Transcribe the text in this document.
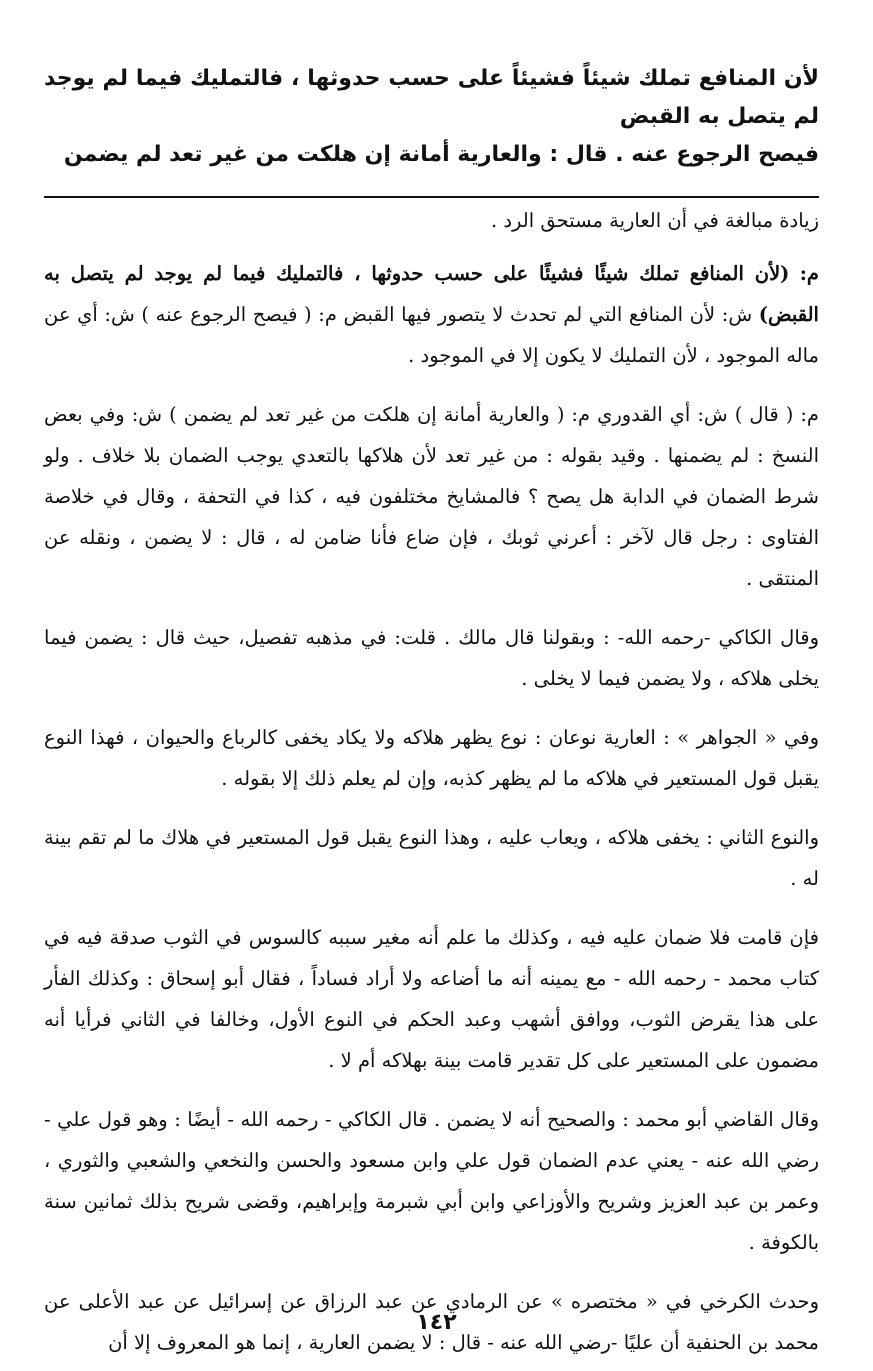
لأن المنافع تملك شيئاً فشيئاً على حسب حدوثها ، فالتمليك فيما لم يوجد لم يتصل به القبض
فيصح الرجوع عنه . قال : والعارية أمانة إن هلكت من غير تعد لم يضمن

زيادة مبالغة في أن العارية مستحق الرد .

م: (لأن المنافع تملك شيئًا فشيئًا على حسب حدوثها ، فالتمليك فيما لم يوجد لم يتصل به القبض) ش: لأن المنافع التي لم تحدث لا يتصور فيها القبض م: ( فيصح الرجوع عنه ) ش: أي عن ماله الموجود ، لأن التمليك لا يكون إلا في الموجود .

م: ( قال ) ش: أي القدوري م: ( والعارية أمانة إن هلكت من غير تعد لم يضمن ) ش: وفي بعض النسخ : لم يضمنها . وقيد بقوله : من غير تعد لأن هلاكها بالتعدي يوجب الضمان بلا خلاف . ولو شرط الضمان في الدابة هل يصح ؟ فالمشايخ مختلفون فيه ، كذا في التحفة ، وقال في خلاصة الفتاوى : رجل قال لآخر : أعرني ثوبك ، فإن ضاع فأنا ضامن له ، قال : لا يضمن ، ونقله عن المنتقى .

وقال الكاكي -رحمه الله- : وبقولنا قال مالك . قلت: في مذهبه تفصيل، حيث قال : يضمن فيما يخلى هلاكه ، ولا يضمن فيما لا يخلى .

وفي « الجواهر » : العارية نوعان : نوع يظهر هلاكه ولا يكاد يخفى كالرباع والحيوان ، فهذا النوع يقبل قول المستعير في هلاكه ما لم يظهر كذبه، وإن لم يعلم ذلك إلا بقوله .

والنوع الثاني : يخفى هلاكه ، ويعاب عليه ، وهذا النوع يقبل قول المستعير في هلاك ما لم تقم بينة له .

فإن قامت فلا ضمان عليه فيه ، وكذلك ما علم أنه مغير سببه كالسوس في الثوب صدقة فيه في كتاب محمد - رحمه الله - مع يمينه أنه ما أضاعه ولا أراد فساداً ، فقال أبو إسحاق : وكذلك الفأر على هذا يقرض الثوب، ووافق أشهب وعبد الحكم في النوع الأول، وخالفا في الثاني فرأيا أنه مضمون على المستعير على كل تقدير قامت بينة بهلاكه أم لا .

وقال القاضي أبو محمد : والصحيح أنه لا يضمن . قال الكاكي - رحمه الله - أيضًا : وهو قول علي - رضي الله عنه - يعني عدم الضمان قول علي وابن مسعود والحسن والنخعي والشعبي والثوري ، وعمر بن عبد العزيز وشريح والأوزاعي وابن أبي شبرمة وإبراهيم، وقضى شريح بذلك ثمانين سنة بالكوفة .

وحدث الكرخي في « مختصره » عن الرمادي عن عبد الرزاق عن إسرائيل عن عبد الأعلى عن محمد بن الحنفية أن عليًا -رضي الله عنه - قال : لا يضمن العارية ، إنما هو المعروف إلا أن

١٤٢
